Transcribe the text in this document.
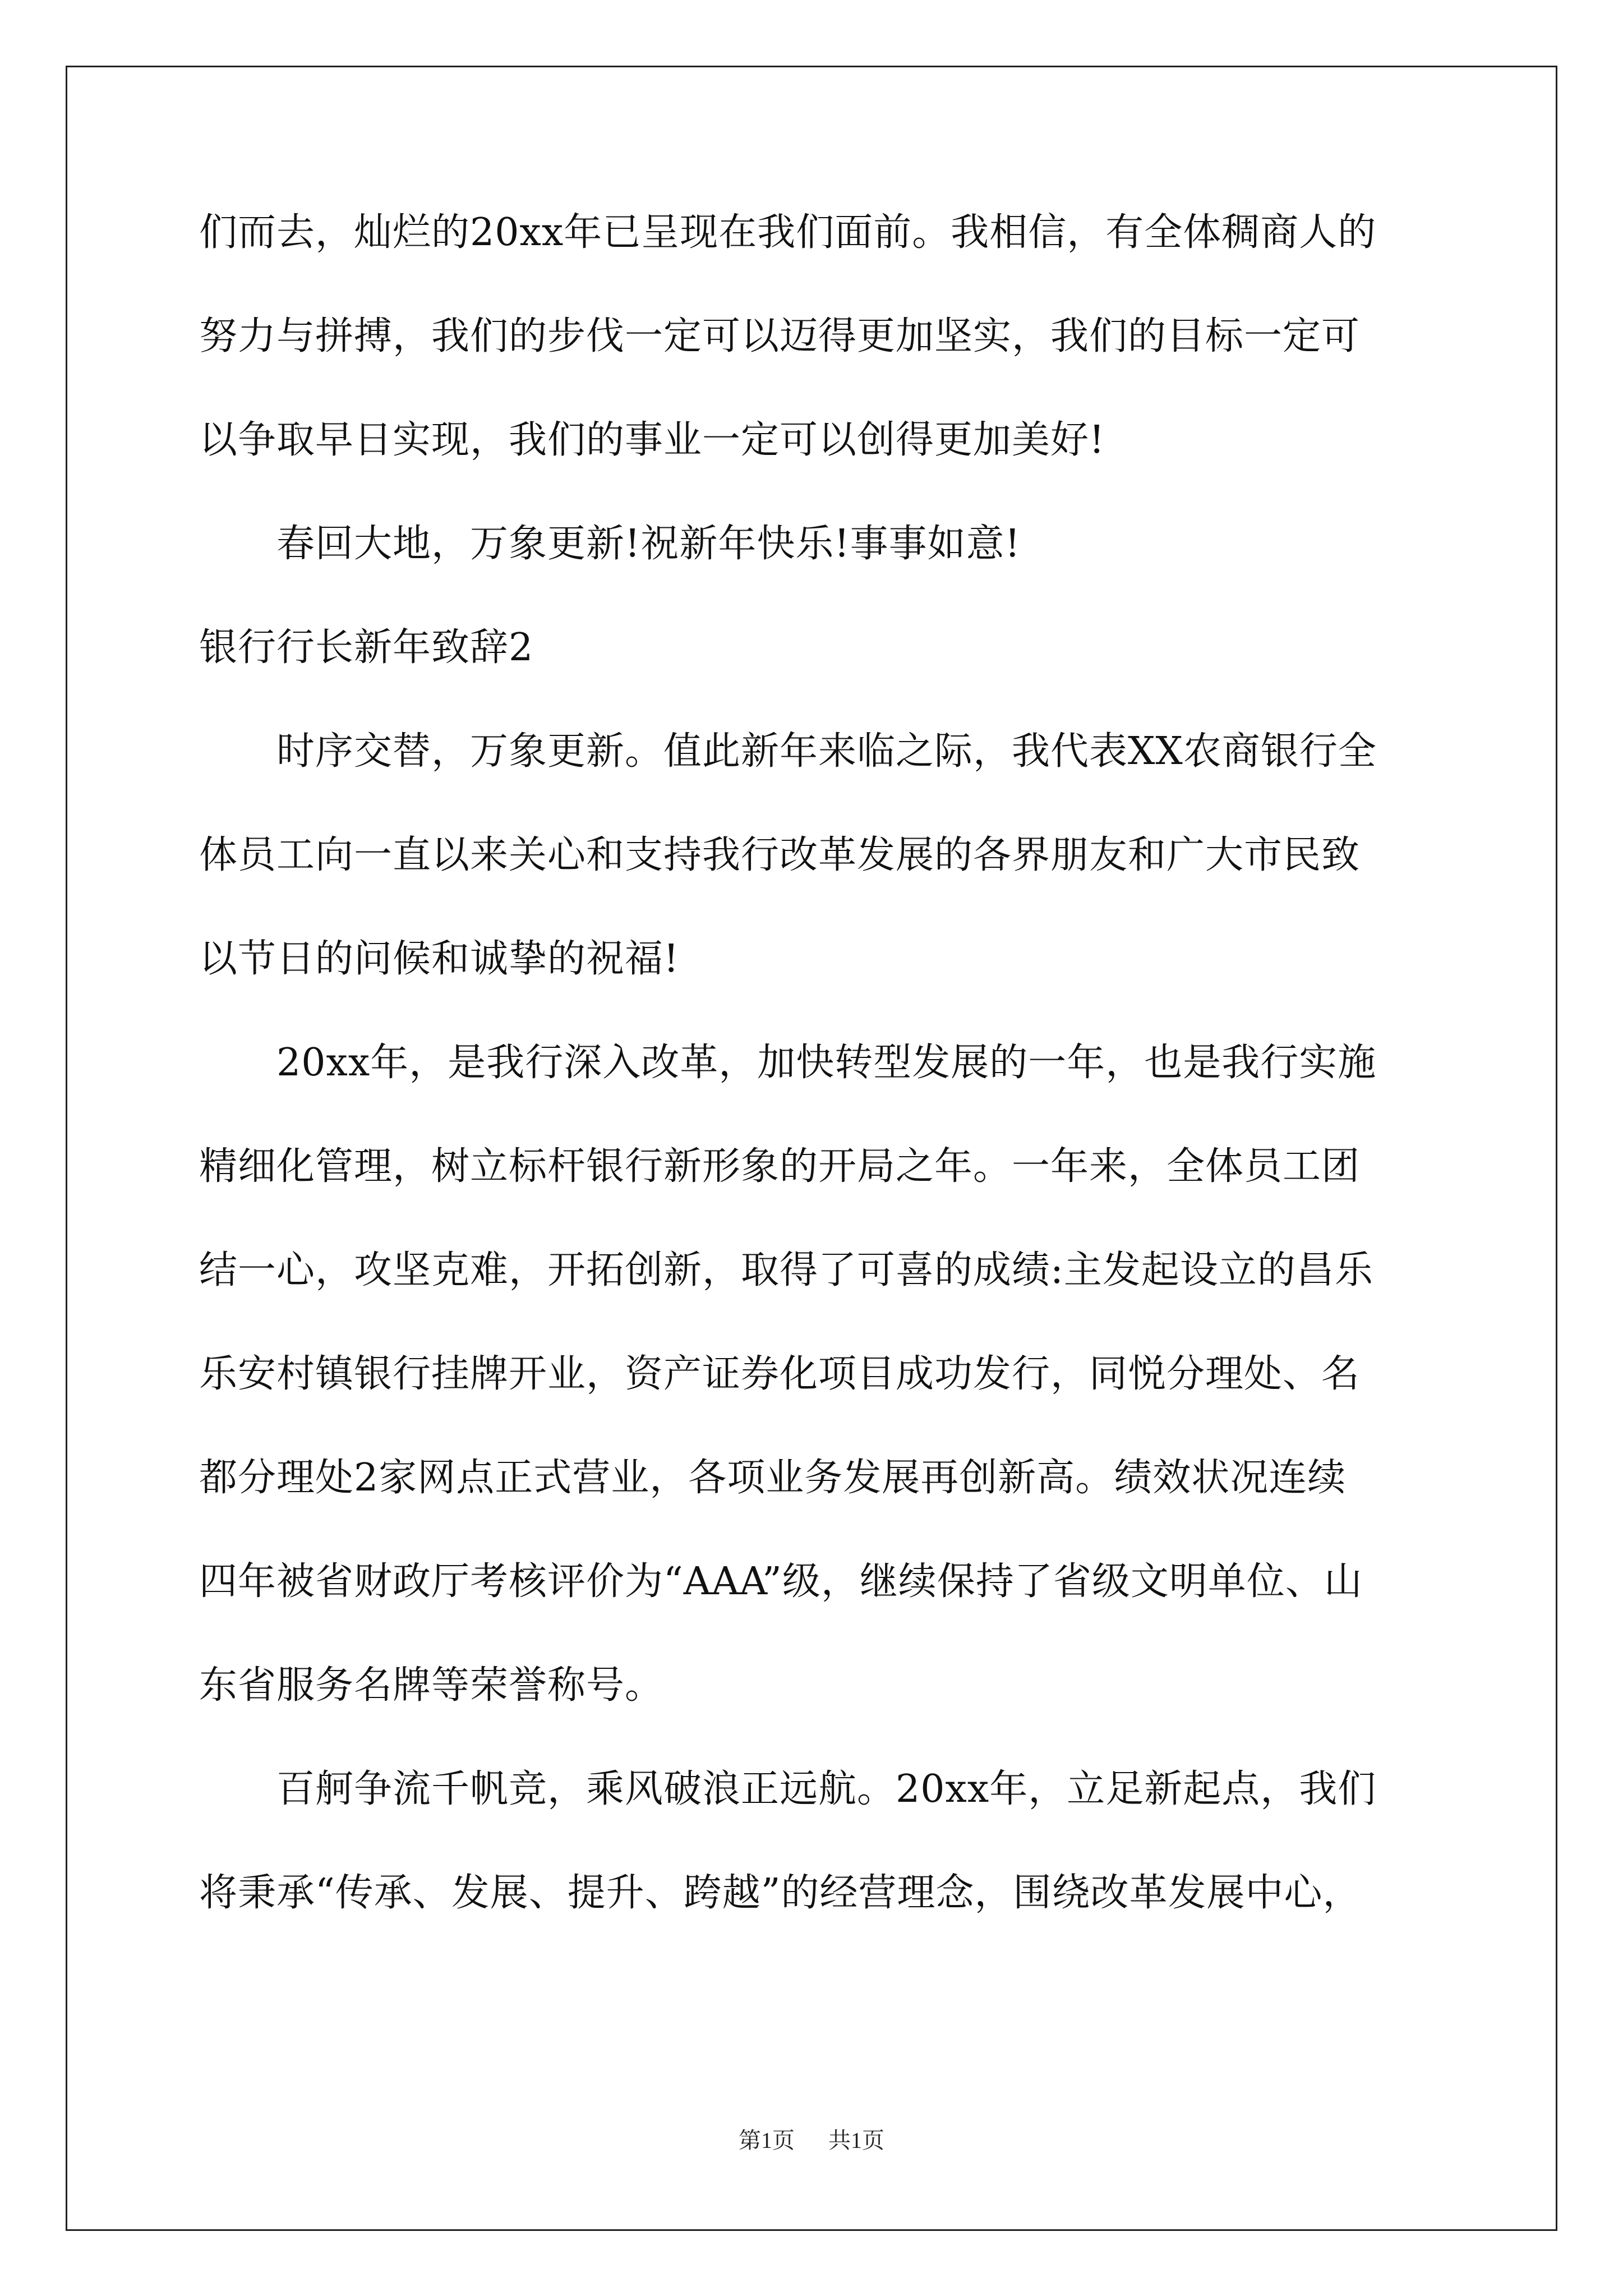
们而去，灿烂的20xx年已呈现在我们面前。我相信，有全体稠商人的
努力与拼搏，我们的步伐一定可以迈得更加坚实，我们的目标一定可
以争取早日实现，我们的事业一定可以创得更加美好!
　　春回大地，万象更新!祝新年快乐!事事如意!
银行行长新年致辞2
　　时序交替，万象更新。值此新年来临之际，我代表XX农商银行全
体员工向一直以来关心和支持我行改革发展的各界朋友和广大市民致
以节日的问候和诚挚的祝福!
　　20xx年，是我行深入改革，加快转型发展的一年，也是我行实施
精细化管理，树立标杆银行新形象的开局之年。一年来，全体员工团
结一心，攻坚克难，开拓创新，取得了可喜的成绩:主发起设立的昌乐
乐安村镇银行挂牌开业，资产证券化项目成功发行，同悦分理处、名
都分理处2家网点正式营业，各项业务发展再创新高。绩效状况连续
四年被省财政厅考核评价为“AAA”级，继续保持了省级文明单位、山
东省服务名牌等荣誉称号。
　　百舸争流千帆竞，乘风破浪正远航。20xx年，立足新起点，我们
将秉承“传承、发展、提升、跨越”的经营理念，围绕改革发展中心，
第1页 共1页
